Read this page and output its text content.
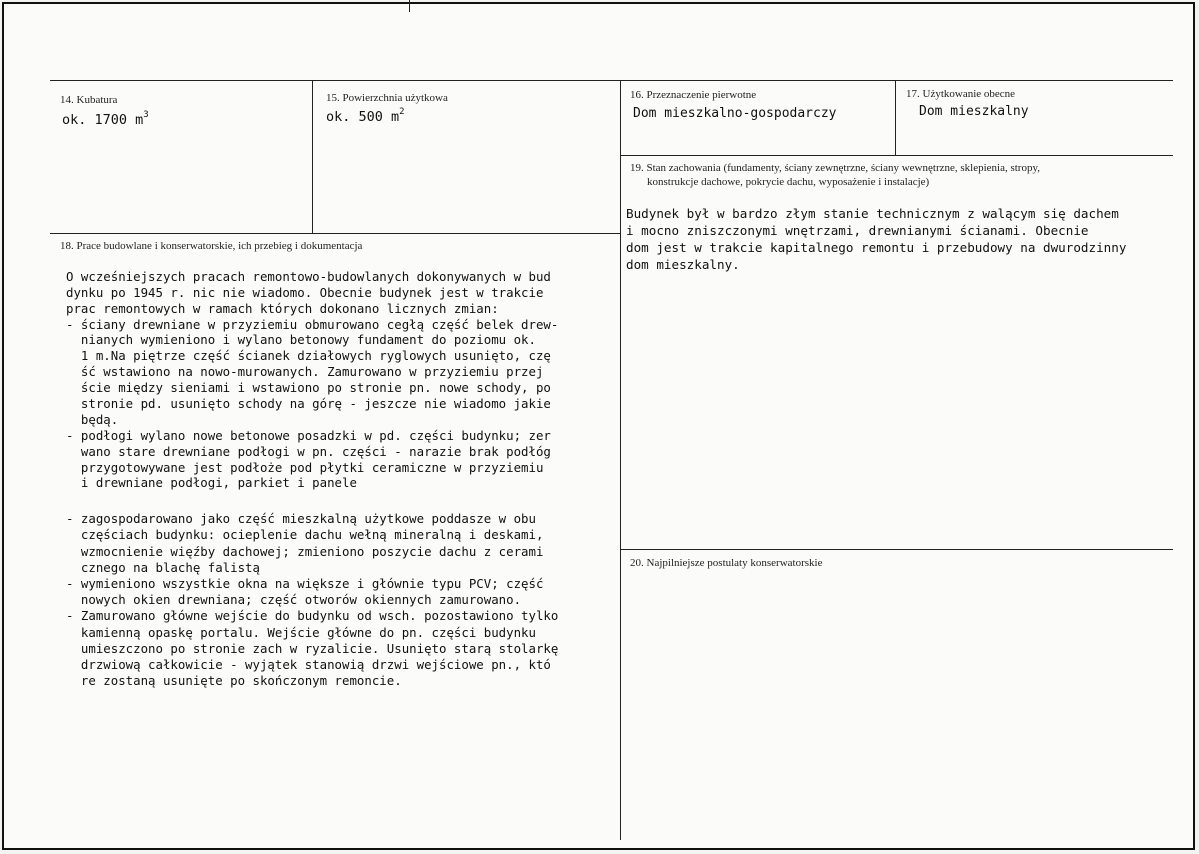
14. Kubatura
ok. 1700 $m^3$
15. Powierzchnia użytkowa
ok. 500 $m^2$
16. Przeznaczenie pierwotne
Dom mieszkalno-gospodarczy
17. Użytkowanie obecne
Dom mieszkalny
19. Stan zachowania (fundamenty, ściany zewnętrzne, ściany wewnętrzne, sklepienia, stropy,
konstrukcje dachowe, pokrycie dachu, wyposażenie i instalacje)

Budynek był w bardzo złym stanie technicznym z walącym się dachem
i mocno zniszczonymi wnętrzami, drewnianymi ścianami. Obecnie
dom jest w trakcie kapitalnego remontu i przebudowy na dwurodzinny
dom mieszkalny.
18. Prace budowlane i konserwatorskie, ich przebieg i dokumentacja

O wcześniejszych pracach remontowo-budowlanych dokonywanych w bud
dynku po 1945 r. nic nie wiadomo. Obecnie budynek jest w trakcie
prac remontowych w ramach których dokonano licznych zmian:
- ściany drewniane w przyziemiu obmurowano cegłą część belek drew-
nianych wymieniono i wylano betonowy fundament do poziomu ok.
1 m.Na piętrze część ścianek działowych ryglowych usunięto, czę
ść wstawiono na nowo-murowanych. Zamurowano w przyziemiu przej
ście między sieniami i wstawiono po stronie pn. nowe schody, po
stronie pd. usunięto schody na górę - jeszcze nie wiadomo jakie
będą.
- podłogi wylano nowe betonowe posadzki w pd. części budynku; zer
wano stare drewniane podłogi w pn. części - narazie brak podłóg
przygotowywane jest podłoże pod płytki ceramiczne w przyziemiu
i drewniane podłogi, parkiet i panele

- zagospodarowano jako część mieszkalną użytkowe poddasze w obu
częściach budynku: ocieplenie dachu wełną mineralną i deskami,
wzmocnienie więźby dachowej; zmieniono poszycie dachu z cerami
cznego na blachę falistą
- wymieniono wszystkie okna na większe i głównie typu PCV; część
nowych okien drewniana; część otworów okiennych zamurowano.
- Zamurowano główne wejście do budynku od wsch. pozostawiono tylko
kamienną opaskę portalu. Wejście główne do pn. części budynku
umieszczono po stronie zach w ryzalicie. Usunięto starą stolarkę
drzwiową całkowicie - wyjątek stanowią drzwi wejściowe pn., któ
re zostaną usunięte po skończonym remoncie.
20. Najpilniejsze postulaty konserwatorskie
